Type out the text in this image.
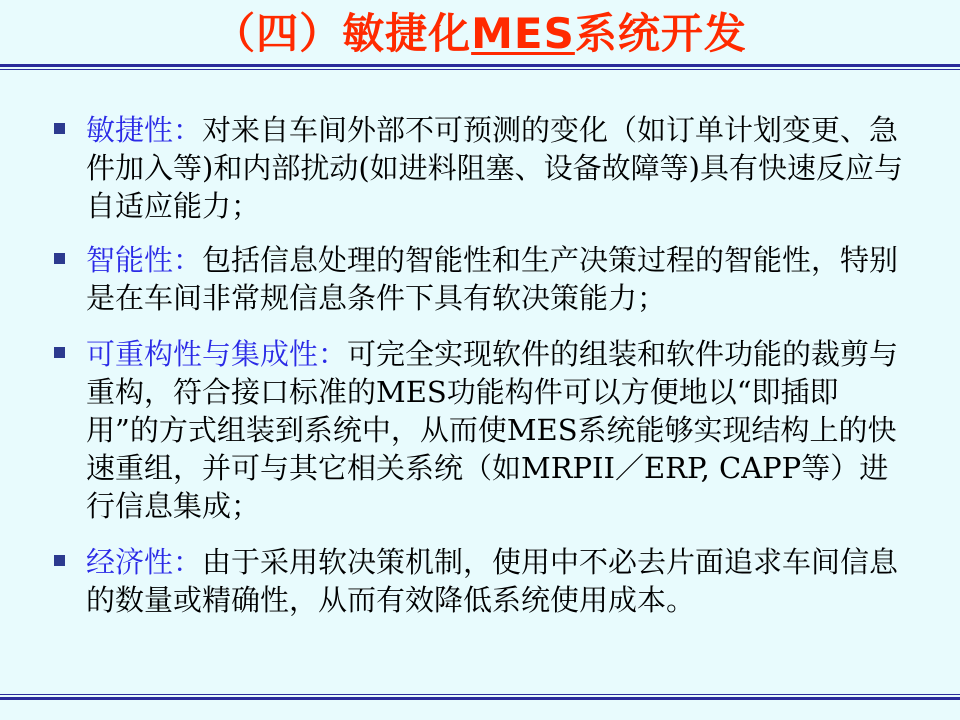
（四）敏捷化MES系统开发
敏捷性：对来自车间外部不可预测的变化（如订单计划变更、急件加入等)和内部扰动(如进料阻塞、设备故障等)具有快速反应与自适应能力；
智能性：包括信息处理的智能性和生产决策过程的智能性，特别是在车间非常规信息条件下具有软决策能力；
可重构性与集成性：可完全实现软件的组装和软件功能的裁剪与重构，符合接口标准的MES功能构件可以方便地以“即插即用”的方式组装到系统中，从而使MES系统能够实现结构上的快速重组，并可与其它相关系统（如MRPII／ERP, CAPP等）进行信息集成；
经济性：由于采用软决策机制，使用中不必去片面追求车间信息的数量或精确性，从而有效降低系统使用成本。
